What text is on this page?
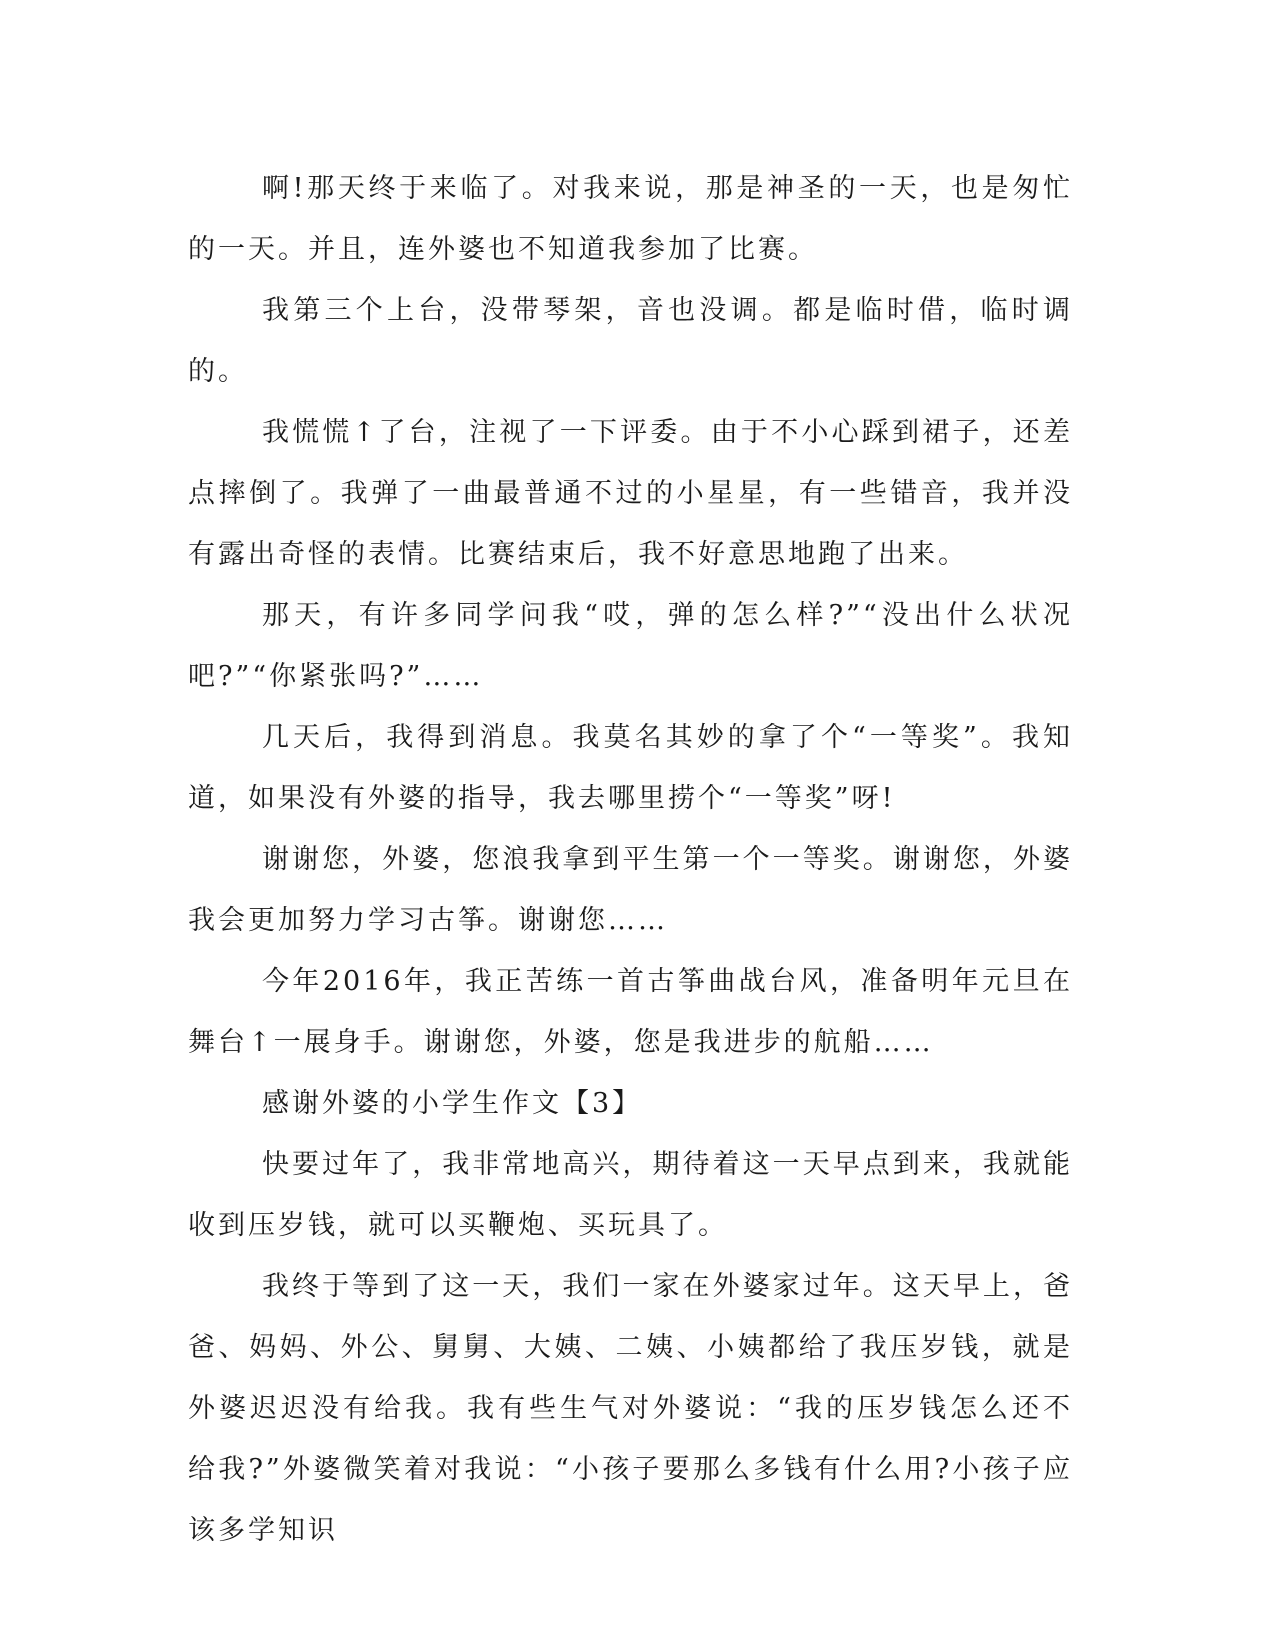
啊!那天终于来临了。对我来说，那是神圣的一天，也是匆忙的一天。并且，连外婆也不知道我参加了比赛。

我第三个上台，没带琴架，音也没调。都是临时借，临时调的。

我慌慌↑了台，注视了一下评委。由于不小心踩到裙子，还差点摔倒了。我弹了一曲最普通不过的小星星，有一些错音，我并没有露出奇怪的表情。比赛结束后，我不好意思地跑了出来。

那天，有许多同学问我“哎，弹的怎么样?”“没出什么状况吧?”“你紧张吗?”……

几天后，我得到消息。我莫名其妙的拿了个“一等奖”。我知道，如果没有外婆的指导，我去哪里捞个“一等奖”呀!

谢谢您，外婆，您浪我拿到平生第一个一等奖。谢谢您，外婆我会更加努力学习古筝。谢谢您……

今年2016年，我正苦练一首古筝曲战台风，准备明年元旦在舞台↑一展身手。谢谢您，外婆，您是我进步的航船……

感谢外婆的小学生作文【3】

快要过年了，我非常地高兴，期待着这一天早点到来，我就能收到压岁钱，就可以买鞭炮、买玩具了。

我终于等到了这一天，我们一家在外婆家过年。这天早上，爸爸、妈妈、外公、舅舅、大姨、二姨、小姨都给了我压岁钱，就是外婆迟迟没有给我。我有些生气对外婆说：“我的压岁钱怎么还不给我?”外婆微笑着对我说：“小孩子要那么多钱有什么用?小孩子应该多学知识
